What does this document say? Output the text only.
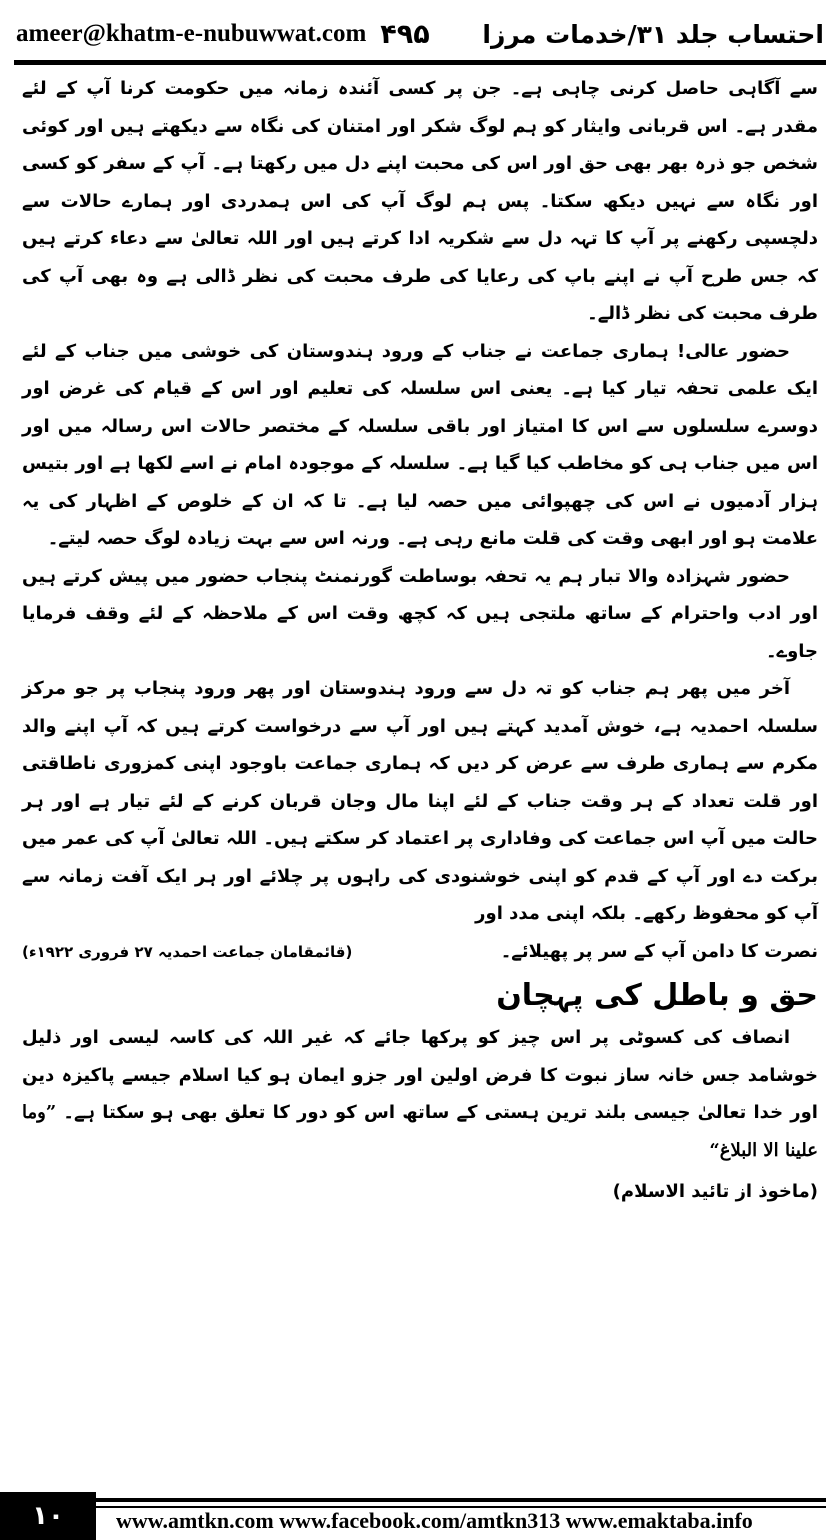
ameer@khatm-e-nubuwwat.com ۴۹۵ احتساب جلد ۳۱/خدمات مرزا

سے آگاہی حاصل کرنی چاہی ہے۔ جن پر کسی آئندہ زمانہ میں حکومت کرنا آپ کے لئے مقدر ہے۔ اس قربانی وایثار کو ہم لوگ شکر اور امتنان کی نگاہ سے دیکھتے ہیں اور کوئی شخص جو ذرہ بھر بھی حق اور اس کی محبت اپنے دل میں رکھتا ہے۔ آپ کے سفر کو کسی اور نگاہ سے نہیں دیکھ سکتا۔ پس ہم لوگ آپ کی اس ہمدردی اور ہمارے حالات سے دلچسپی رکھنے پر آپ کا تہہ دل سے شکریہ ادا کرتے ہیں اور اللہ تعالیٰ سے دعاء کرتے ہیں کہ جس طرح آپ نے اپنے باپ کی رعایا کی طرف محبت کی نظر ڈالی ہے وہ بھی آپ کی طرف محبت کی نظر ڈالے۔

حضور عالی! ہماری جماعت نے جناب کے ورود ہندوستان کی خوشی میں جناب کے لئے ایک علمی تحفہ تیار کیا ہے۔ یعنی اس سلسلہ کی تعلیم اور اس کے قیام کی غرض اور دوسرے سلسلوں سے اس کا امتیاز اور باقی سلسلہ کے مختصر حالات اس رسالہ میں اور اس میں جناب ہی کو مخاطب کیا گیا ہے۔ سلسلہ کے موجودہ امام نے اسے لکھا ہے اور بتیس ہزار آدمیوں نے اس کی چھپوائی میں حصہ لیا ہے۔ تا کہ ان کے خلوص کے اظہار کی یہ علامت ہو اور ابھی وقت کی قلت مانع رہی ہے۔ ورنہ اس سے بہت زیادہ لوگ حصہ لیتے۔

حضور شہزادہ والا تبار ہم یہ تحفہ بوساطت گورنمنٹ پنجاب حضور میں پیش کرتے ہیں اور ادب واحترام کے ساتھ ملتجی ہیں کہ کچھ وقت اس کے ملاحظہ کے لئے وقف فرمایا جاوے۔

آخر میں پھر ہم جناب کو تہ دل سے ورود ہندوستان اور پھر ورود پنجاب پر جو مرکز سلسلہ احمدیہ ہے، خوش آمدید کہتے ہیں اور آپ سے درخواست کرتے ہیں کہ آپ اپنے والد مکرم سے ہماری طرف سے عرض کر دیں کہ ہماری جماعت باوجود اپنی کمزوری ناطاقتی اور قلت تعداد کے ہر وقت جناب کے لئے اپنا مال وجان قربان کرنے کے لئے تیار ہے اور ہر حالت میں آپ اس جماعت کی وفاداری پر اعتماد کر سکتے ہیں۔ اللہ تعالیٰ آپ کی عمر میں برکت دے اور آپ کے قدم کو اپنی خوشنودی کی راہوں پر چلائے اور ہر ایک آفت زمانہ سے آپ کو محفوظ رکھے۔ بلکہ اپنی مدد اور

نصرت کا دامن آپ کے سر پر پھیلائے۔
(قائمقامان جماعت احمدیہ ۲۷ فروری ۱۹۲۲ء)
حق و باطل کی پہچان

انصاف کی کسوٹی پر اس چیز کو پرکھا جائے کہ غیر اللہ کی کاسہ لیسی اور ذلیل خوشامد جس خانہ ساز نبوت کا فرض اولین اور جزو ایمان ہو کیا اسلام جیسے پاکیزہ دین اور خدا تعالیٰ جیسی بلند ترین ہستی کے ساتھ اس کو دور کا تعلق بھی ہو سکتا ہے۔ ”وما علینا الا البلاغ“

(ماخوذ از تائید الاسلام)
۱۰ www.amtkn.com www.facebook.com/amtkn313 www.emaktaba.info
